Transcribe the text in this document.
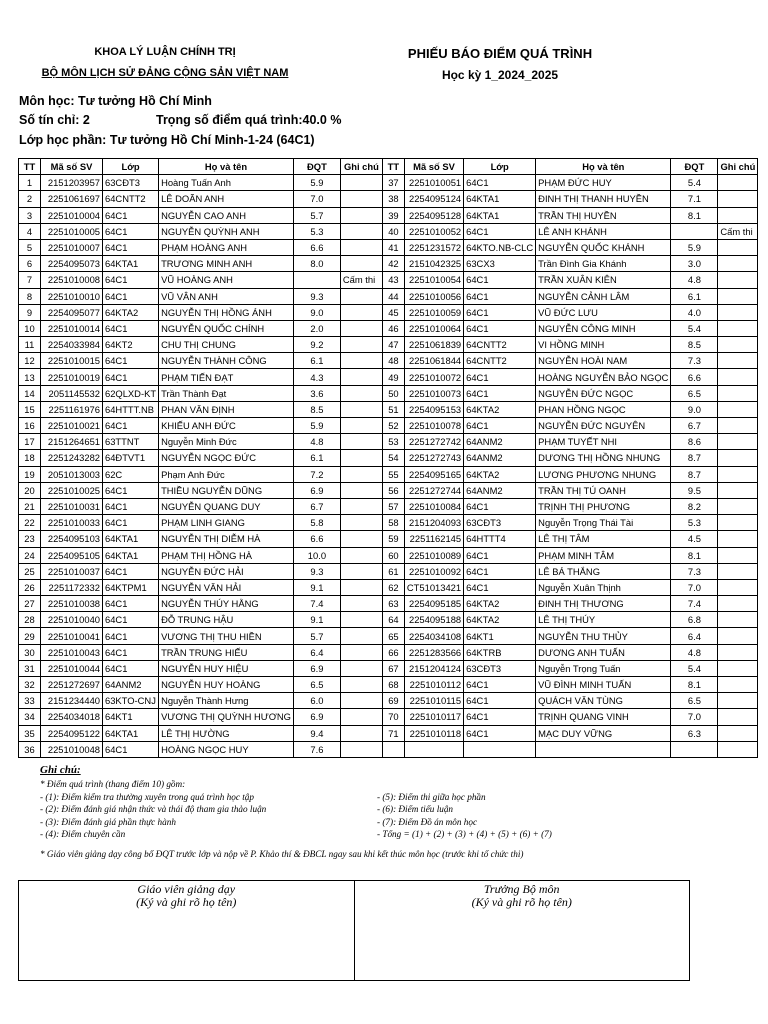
KHOA LÝ LUẬN CHÍNH TRỊ
BỘ MÔN LỊCH SỬ ĐẢNG CỘNG SẢN VIỆT NAM
PHIẾU BÁO ĐIỂM QUÁ TRÌNH
Học kỳ 1_2024_2025
Môn học: Tư tưởng Hồ Chí Minh
Số tín chỉ: 2	Trọng số điểm quá trình:40.0 %
Lớp học phần: Tư tưởng Hồ Chí Minh-1-24 (64C1)
TT	Mã số SV	Lớp	Họ và tên	ĐQT	Ghi chú	TT	Mã số SV	Lớp	Họ và tên	ĐQT	Ghi chú
1	2151203957	63CĐT3	Hoàng Tuấn Anh	5.9		37	2251010051	64C1	PHẠM ĐỨC HUY	5.4	
2	2251061697	64CNTT2	LÊ DOÃN ANH	7.0		38	2254095124	64KTA1	ĐINH THỊ THANH HUYỀN	7.1	
3	2251010004	64C1	NGUYỄN CAO ANH	5.7		39	2254095128	64KTA1	TRẦN THỊ HUYỀN	8.1	
4	2251010005	64C1	NGUYỄN QUỲNH ANH	5.3		40	2251010052	64C1	LÊ ANH KHÁNH		Cấm thi
5	2251010007	64C1	PHẠM HOÀNG ANH	6.6		41	2251231572	64KTO.NB-CLC	NGUYỄN QUỐC KHÁNH	5.9	
6	2254095073	64KTA1	TRƯƠNG MINH ANH	8.0		42	2151042325	63CX3	Trần Đình Gia Khánh	3.0	
7	2251010008	64C1	VŨ HOÀNG ANH		Cấm thi	43	2251010054	64C1	TRẦN XUÂN KIÊN	4.8	
8	2251010010	64C1	VŨ VÂN ANH	9.3		44	2251010056	64C1	NGUYỄN CẢNH LÂM	6.1	
9	2254095077	64KTA2	NGUYỄN THỊ HỒNG ÁNH	9.0		45	2251010059	64C1	VŨ ĐỨC LƯU	4.0	
10	2251010014	64C1	NGUYỄN QUỐC CHÍNH	2.0		46	2251010064	64C1	NGUYỄN CÔNG MINH	5.4	
11	2254033984	64KT2	CHU THỊ CHUNG	9.2		47	2251061839	64CNTT2	VI HỒNG MINH	8.5	
12	2251010015	64C1	NGUYỄN THÀNH CÔNG	6.1		48	2251061844	64CNTT2	NGUYỄN HOÀI NAM	7.3	
13	2251010019	64C1	PHẠM TIẾN ĐẠT	4.3		49	2251010072	64C1	HOÀNG NGUYỄN BẢO NGỌC	6.6	
14	2051145532	62QLXD-KT	Trần Thành Đạt	3.6		50	2251010073	64C1	NGUYỄN ĐỨC NGỌC	6.5	
15	2251161976	64HTTT.NB	PHAN VĂN ĐỊNH	8.5		51	2254095153	64KTA2	PHAN HỒNG NGỌC	9.0	
16	2251010021	64C1	KHIẾU ANH ĐỨC	5.9		52	2251010078	64C1	NGUYỄN ĐỨC NGUYÊN	6.7	
17	2151264651	63TTNT	Nguyễn Minh Đức	4.8		53	2251272742	64ANM2	PHẠM TUYẾT NHI	8.6	
18	2251243282	64ĐTVT1	NGUYỄN NGỌC ĐỨC	6.1		54	2251272743	64ANM2	DƯƠNG THỊ HỒNG NHUNG	8.7	
19	2051013003	62C	Phạm Anh Đức	7.2		55	2254095165	64KTA2	LƯƠNG PHƯƠNG NHUNG	8.7	
20	2251010025	64C1	THIỀU NGUYỄN DŨNG	6.9		56	2251272744	64ANM2	TRẦN THỊ TÚ OANH	9.5	
21	2251010031	64C1	NGUYỄN QUANG DUY	6.7		57	2251010084	64C1	TRỊNH THỊ PHƯƠNG	8.2	
22	2251010033	64C1	PHẠM LINH GIANG	5.8		58	2151204093	63CĐT3	Nguyễn Trọng Thái Tài	5.3	
23	2254095103	64KTA1	NGUYỄN THỊ DIỄM HÀ	6.6		59	2251162145	64HTTT4	LÊ THỊ TÂM	4.5	
24	2254095105	64KTA1	PHẠM THỊ HỒNG HÀ	10.0		60	2251010089	64C1	PHẠM MINH TÂM	8.1	
25	2251010037	64C1	NGUYỄN ĐỨC HẢI	9.3		61	2251010092	64C1	LÊ BÁ THẮNG	7.3	
26	2251172332	64KTPM1	NGUYỄN VĂN HẢI	9.1		62	CT51013421	64C1	Nguyễn Xuân Thịnh	7.0	
27	2251010038	64C1	NGUYỄN THÚY HẰNG	7.4		63	2254095185	64KTA2	ĐINH THỊ THƯƠNG	7.4	
28	2251010040	64C1	ĐỖ TRUNG HẬU	9.1		64	2254095188	64KTA2	LÊ THỊ THÚY	6.8	
29	2251010041	64C1	VƯƠNG THỊ THU HIỀN	5.7		65	2254034108	64KT1	NGUYỄN THU THỦY	6.4	
30	2251010043	64C1	TRẦN TRUNG HIẾU	6.4		66	2251283566	64KTRB	DƯƠNG ANH TUẤN	4.8	
31	2251010044	64C1	NGUYỄN HUY HIỆU	6.9		67	2151204124	63CĐT3	Nguyễn Trọng Tuấn	5.4	
32	2251272697	64ANM2	NGUYỄN HUY HOÀNG	6.5		68	2251010112	64C1	VŨ ĐÌNH MINH TUẤN	8.1	
33	2151234440	63KTO-CNJ	Nguyễn Thành Hưng	6.0		69	2251010115	64C1	QUÁCH VĂN TÙNG	6.5	
34	2254034018	64KT1	VƯƠNG THỊ QUỲNH HƯƠNG	6.9		70	2251010117	64C1	TRỊNH QUANG VINH	7.0	
35	2254095122	64KTA1	LÊ THỊ HƯỜNG	9.4		71	2251010118	64C1	MẠC DUY VỮNG	6.3	
36	2251010048	64C1	HOÀNG NGỌC HUY	7.6							
Ghi chú:
* Điểm quá trình (thang điểm 10) gồm:
- (1): Điểm kiểm tra thường xuyên trong quá trình học tập	- (5): Điểm thi giữa học phần
- (2): Điểm đánh giá nhận thức và thái độ tham gia thảo luận	- (6): Điểm tiểu luận
- (3): Điểm đánh giá phần thực hành	- (7): Điểm Đồ án môn học
- (4): Điểm chuyên cần	- Tổng = (1) + (2) + (3) + (4) + (5) + (6) + (7)
* Giáo viên giảng dạy công bố ĐQT trước lớp và nộp về P. Khảo thí & ĐBCL ngay sau khi kết thúc môn học (trước khi tổ chức thi)
Giáo viên giảng dạy
(Ký và ghi rõ họ tên)

Trưởng Bộ môn
(Ký và ghi rõ họ tên)
